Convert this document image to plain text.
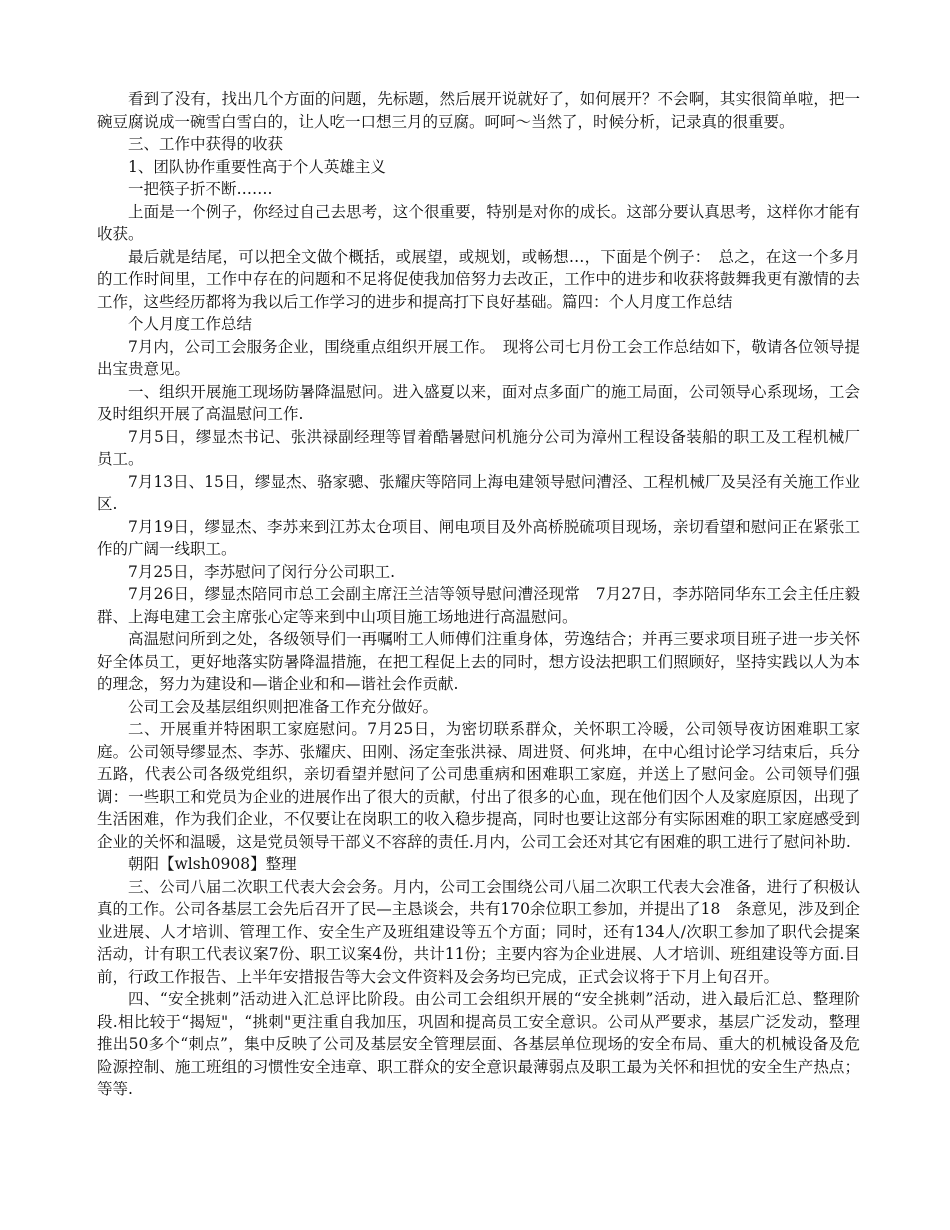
看到了没有，找出几个方面的问题，先标题，然后展开说就好了，如何展开？不会啊，其实很简单啦，把一碗豆腐说成一碗雪白雪白的，让人吃一口想三月的豆腐。呵呵～当然了，时候分析，记录真的很重要。

三、工作中获得的收获

1、团队协作重要性高于个人英雄主义

一把筷子折不断…….

上面是一个例子，你经过自己去思考，这个很重要，特别是对你的成长。这部分要认真思考，这样你才能有收获。

最后就是结尾，可以把全文做个概括，或展望，或规划，或畅想…，下面是个例子：　总之，在这一个多月的工作时间里，工作中存在的问题和不足将促使我加倍努力去改正，工作中的进步和收获将鼓舞我更有激情的去工作，这些经历都将为我以后工作学习的进步和提高打下良好基础。篇四：个人月度工作总结

个人月度工作总结

7月内，公司工会服务企业，围绕重点组织开展工作。　现将公司七月份工会工作总结如下，敬请各位领导提出宝贵意见。

一、组织开展施工现场防暑降温慰问。进入盛夏以来，面对点多面广的施工局面，公司领导心系现场，工会及时组织开展了高温慰问工作.

7月5日，缪显杰书记、张洪禄副经理等冒着酷暑慰问机施分公司为漳州工程设备装船的职工及工程机械厂员工。

7月13日、15日，缪显杰、骆家骢、张耀庆等陪同上海电建领导慰问漕泾、工程机械厂及吴泾有关施工作业区.

7月19日，缪显杰、李苏来到江苏太仓项目、闸电项目及外高桥脱硫项目现场，亲切看望和慰问正在紧张工作的广阔一线职工。

7月25日，李苏慰问了闵行分公司职工.

7月26日，缪显杰陪同市总工会副主席汪兰洁等领导慰问漕泾现常　7月27日，李苏陪同华东工会主任庄毅群、上海电建工会主席张心定等来到中山项目施工场地进行高温慰问。

高温慰问所到之处，各级领导们一再嘱咐工人师傅们注重身体，劳逸结合；并再三要求项目班子进一步关怀好全体员工，更好地落实防暑降温措施，在把工程促上去的同时，想方设法把职工们照顾好，坚持实践以人为本的理念，努力为建设和—谐企业和和—谐社会作贡献.

公司工会及基层组织则把准备工作充分做好。

二、开展重并特困职工家庭慰问。7月25日，为密切联系群众，关怀职工冷暖，公司领导夜访困难职工家庭。公司领导缪显杰、李苏、张耀庆、田刚、汤定奎张洪禄、周进贤、何兆坤，在中心组讨论学习结束后，兵分五路，代表公司各级党组织，亲切看望并慰问了公司患重病和困难职工家庭，并送上了慰问金。公司领导们强调：一些职工和党员为企业的进展作出了很大的贡献，付出了很多的心血，现在他们因个人及家庭原因，出现了生活困难，作为我们企业，不仅要让在岗职工的收入稳步提高，同时也要让这部分有实际困难的职工家庭感受到企业的关怀和温暖，这是党员领导干部义不容辞的责任.月内，公司工会还对其它有困难的职工进行了慰问补助.

朝阳【wlsh0908】整理

三、公司八届二次职工代表大会会务。月内，公司工会围绕公司八届二次职工代表大会准备，进行了积极认真的工作。公司各基层工会先后召开了民—主恳谈会，共有170余位职工参加，并提出了18　条意见，涉及到企业进展、人才培训、管理工作、安全生产及班组建设等五个方面；同时，还有134人/次职工参加了职代会提案活动，计有职工代表议案7份、职工议案4份，共计11份；主要内容为企业进展、人才培训、班组建设等方面.目前，行政工作报告、上半年安措报告等大会文件资料及会务均已完成，正式会议将于下月上旬召开。

四、“安全挑刺”活动进入汇总评比阶段。由公司工会组织开展的“安全挑刺”活动，进入最后汇总、整理阶段.相比较于“揭短"，“挑刺"更注重自我加压，巩固和提高员工安全意识。公司从严要求，基层广泛发动，整理推出50多个“刺点”，集中反映了公司及基层安全管理层面、各基层单位现场的安全布局、重大的机械设备及危险源控制、施工班组的习惯性安全违章、职工群众的安全意识最薄弱点及职工最为关怀和担忧的安全生产热点；等等.
